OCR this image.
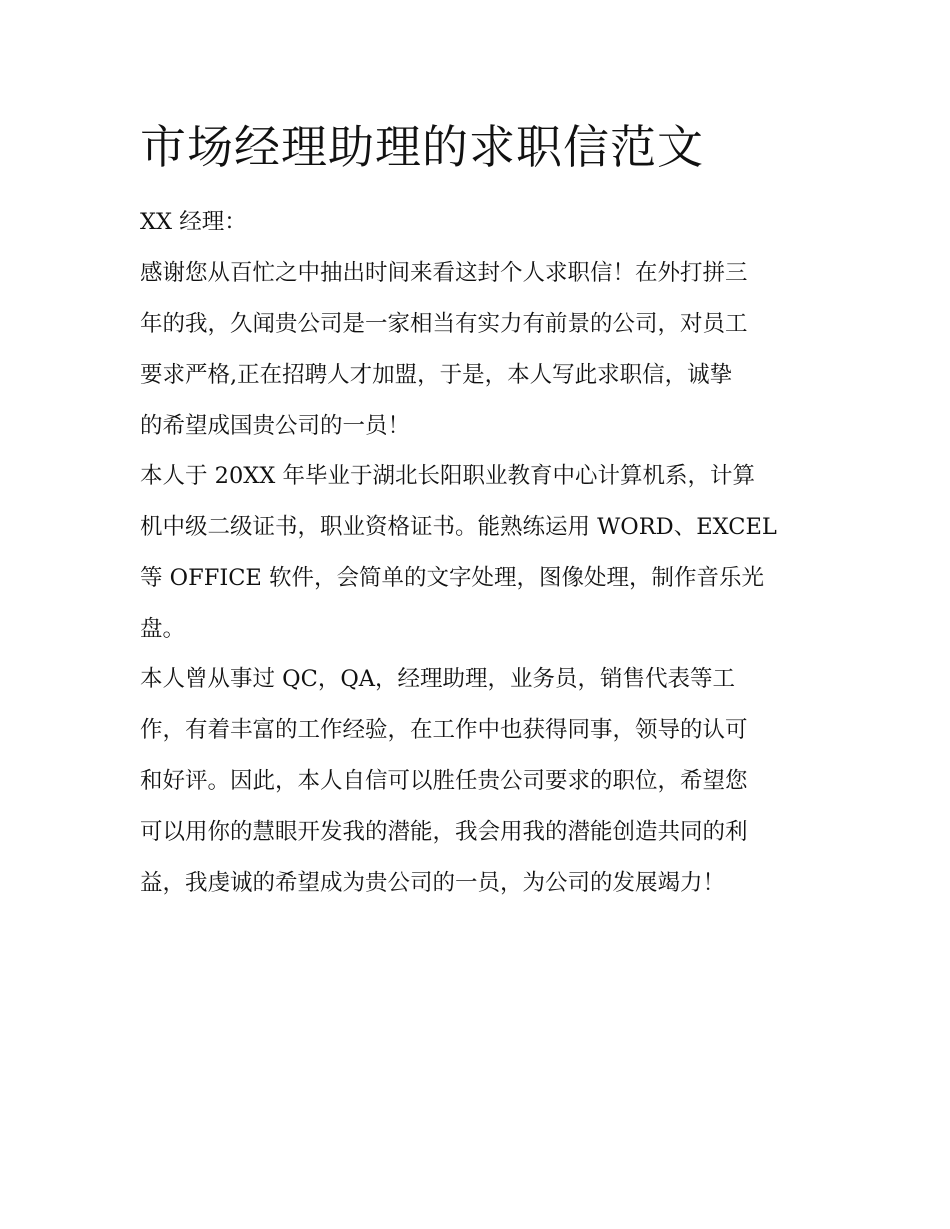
市场经理助理的求职信范文

XX 经理：

感谢您从百忙之中抽出时间来看这封个人求职信！在外打拼三
年的我，久闻贵公司是一家相当有实力有前景的公司，对员工
要求严格,正在招聘人才加盟，于是，本人写此求职信，诚挚
的希望成国贵公司的一员！

本人于 20XX 年毕业于湖北长阳职业教育中心计算机系，计算
机中级二级证书，职业资格证书。能熟练运用 WORD、EXCEL
等 OFFICE 软件，会简单的文字处理，图像处理，制作音乐光
盘。

本人曾从事过 QC，QA，经理助理，业务员，销售代表等工
作，有着丰富的工作经验，在工作中也获得同事，领导的认可
和好评。因此，本人自信可以胜任贵公司要求的职位，希望您
可以用你的慧眼开发我的潜能，我会用我的潜能创造共同的利
益，我虔诚的希望成为贵公司的一员，为公司的发展竭力！
